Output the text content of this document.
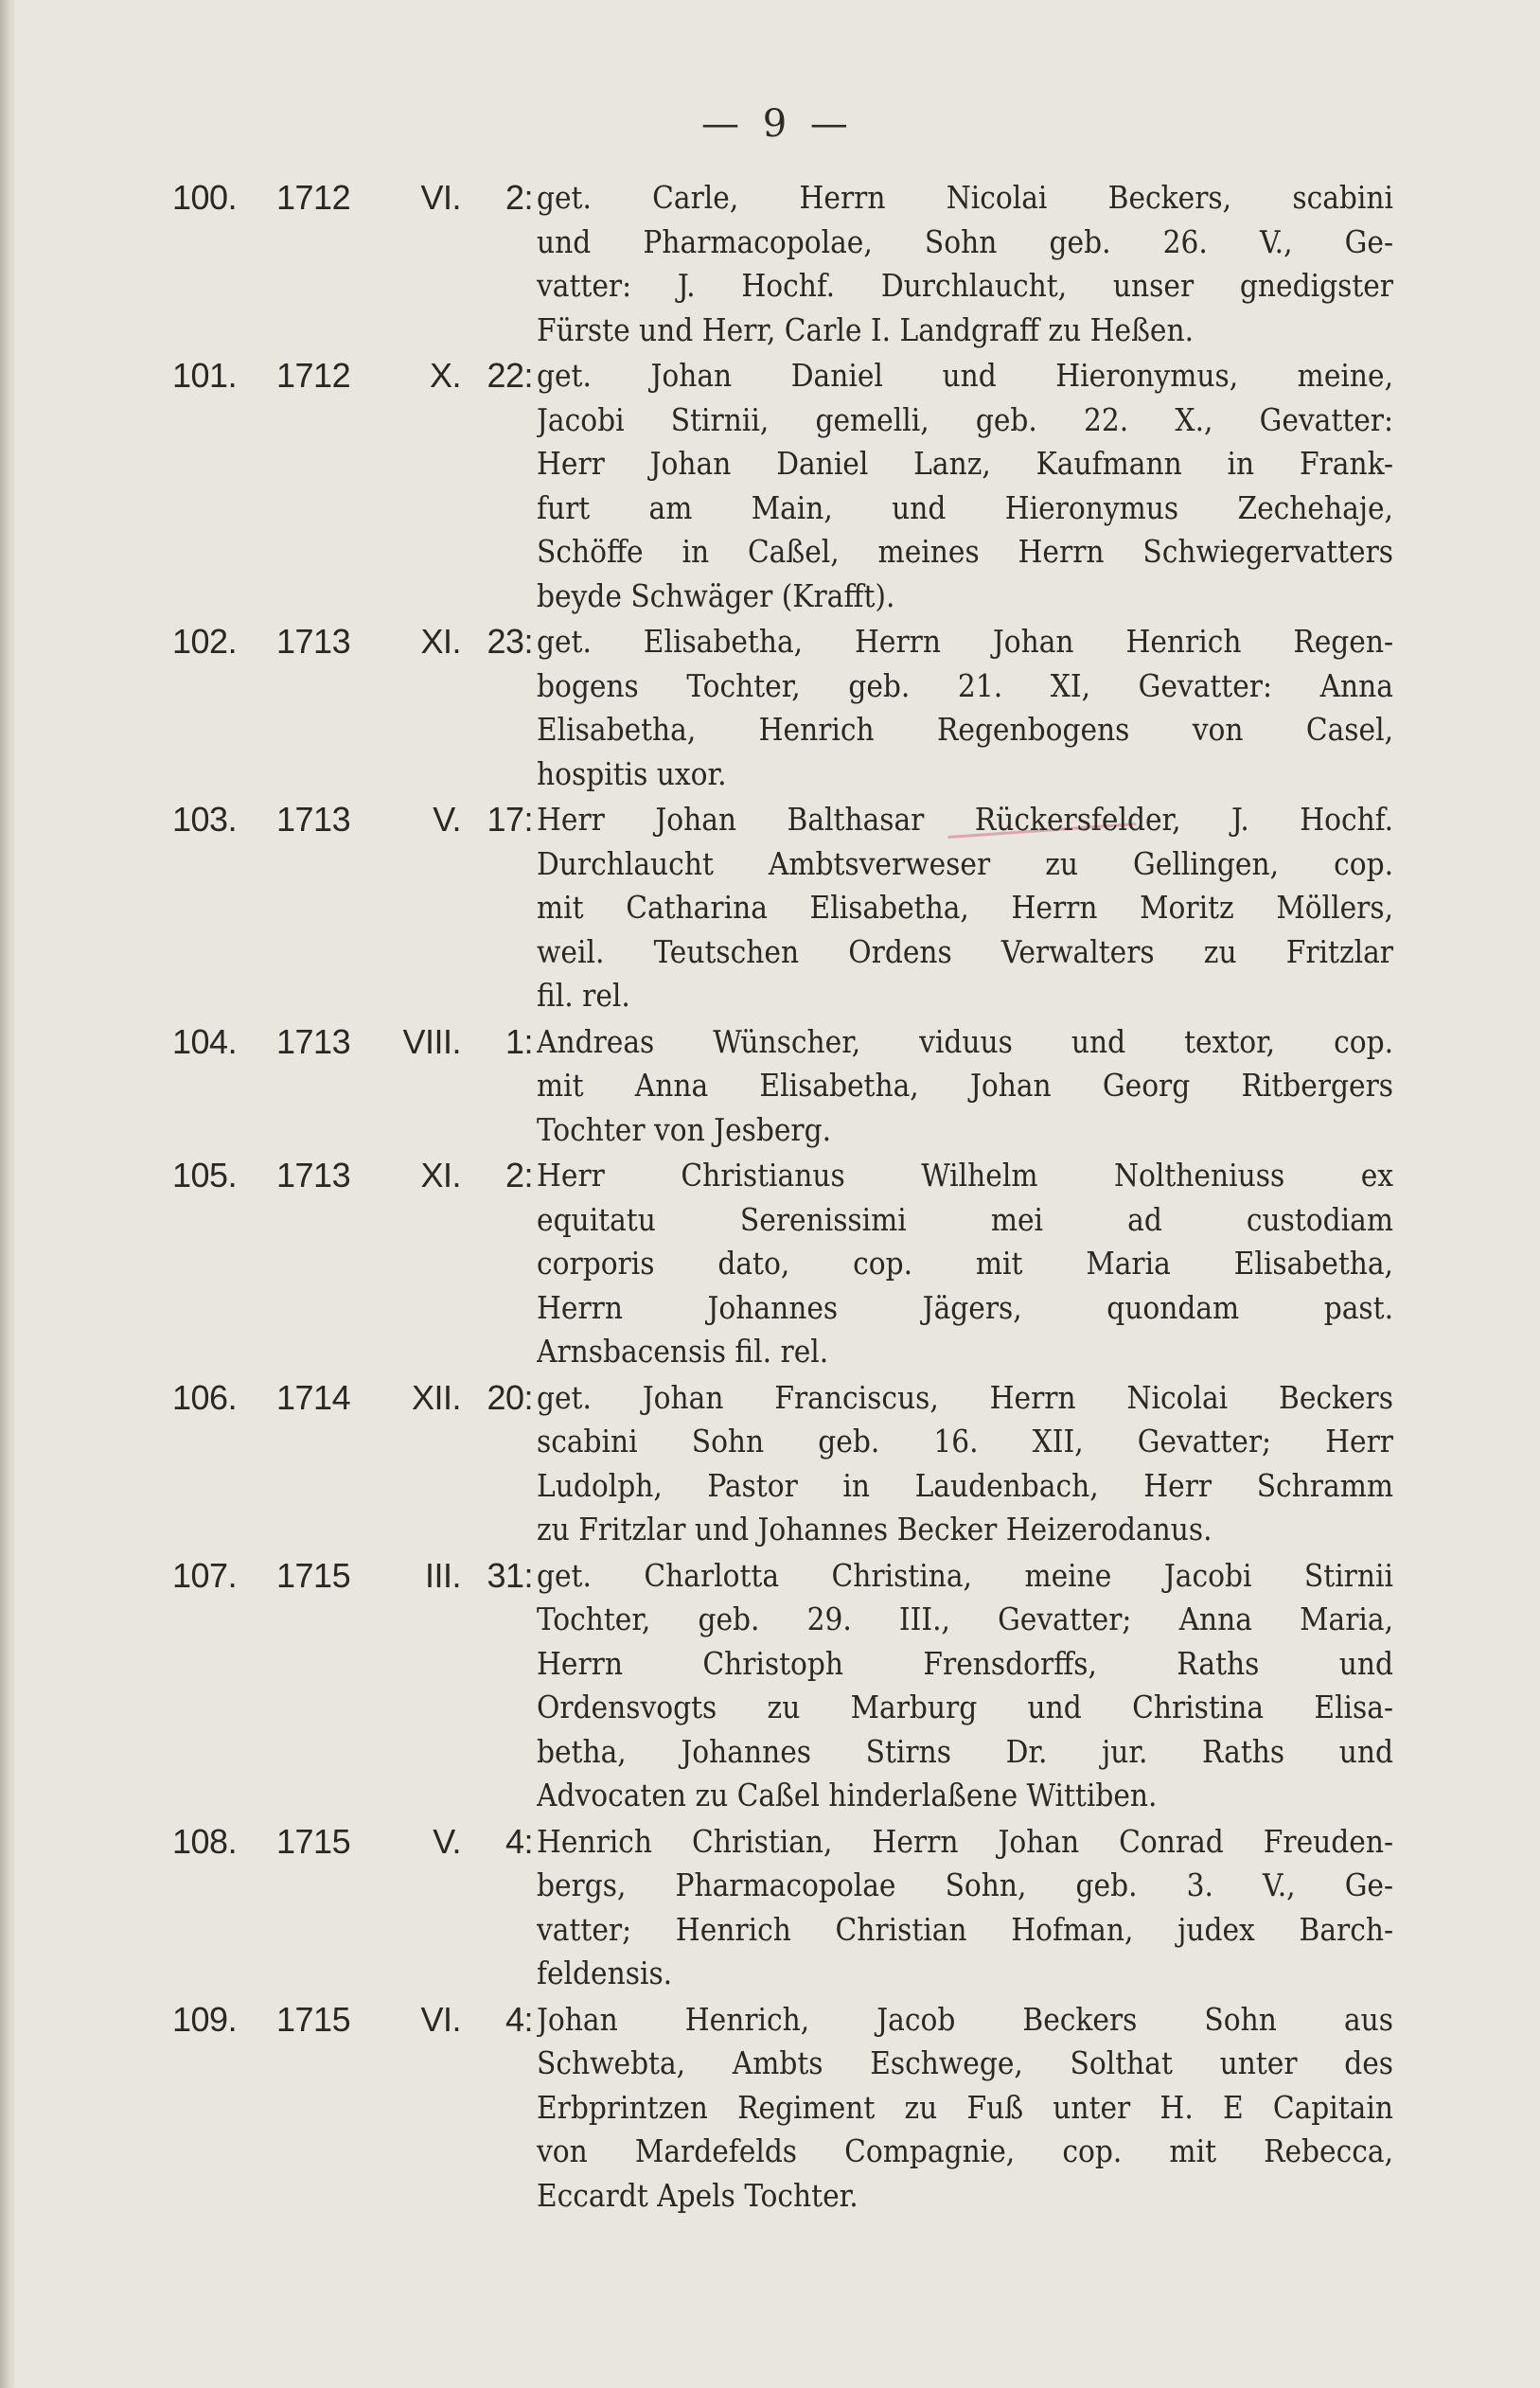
— 9 —
100.	1712	VI.	2: get. Carle, Herrn Nicolai Beckers, scabini
und Pharmacopolae, Sohn geb. 26. V., Ge-
vatter: J. Hochf. Durchlaucht, unser gnedigster
Fürste und Herr, Carle I. Landgraff zu Heßen.
101.	1712	X. 22: get. Johan Daniel und Hieronymus, meine,
Jacobi Stirnii, gemelli, geb. 22. X., Gevatter:
Herr Johan Daniel Lanz, Kaufmann in Frank-
furt am Main, und Hieronymus Zechehaje,
Schöffe in Caßel, meines Herrn Schwiegervatters
beyde Schwäger (Krafft).
102.	1713	XI. 23: get. Elisabetha, Herrn Johan Henrich Regen-
bogens Tochter, geb. 21. XI, Gevatter: Anna
Elisabetha, Henrich Regenbogens von Casel,
hospitis uxor.
103.	1713	V. 17: Herr Johan Balthasar Rückersfelder, J. Hochf.
Durchlaucht Ambtsverweser zu Gellingen, cop.
mit Catharina Elisabetha, Herrn Moritz Möllers,
weil. Teutschen Ordens Verwalters zu Fritzlar
fil. rel.
104.	1713	VIII.	1: Andreas Wünscher, viduus und textor, cop.
mit Anna Elisabetha, Johan Georg Ritbergers
Tochter von Jesberg.
105.	1713	XI.	2: Herr Christianus Wilhelm Noltheniuss ex
equitatu Serenissimi mei ad custodiam
corporis dato, cop. mit Maria Elisabetha,
Herrn Johannes Jägers, quondam past.
Arnsbacensis fil. rel.
106.	1714	XII. 20: get. Johan Franciscus, Herrn Nicolai Beckers
scabini Sohn geb. 16. XII, Gevatter; Herr
Ludolph, Pastor in Laudenbach, Herr Schramm
zu Fritzlar und Johannes Becker Heizerodanus.
107.	1715	III. 31: get. Charlotta Christina, meine Jacobi Stirnii
Tochter, geb. 29. III., Gevatter; Anna Maria,
Herrn Christoph Frensdorffs, Raths und
Ordensvogts zu Marburg und Christina Elisa-
betha, Johannes Stirns Dr. jur. Raths und
Advocaten zu Caßel hinderlaßene Wittiben.
108.	1715	V.	4: Henrich Christian, Herrn Johan Conrad Freuden-
bergs, Pharmacopolae Sohn, geb. 3. V., Ge-
vatter; Henrich Christian Hofman, judex Barch-
feldensis.
109.	1715	VI.	4: Johan Henrich, Jacob Beckers Sohn aus
Schwebta, Ambts Eschwege, Solthat unter des
Erbprintzen Regiment zu Fuß unter H. E Capitain
von Mardefelds Compagnie, cop. mit Rebecca,
Eccardt Apels Tochter.
